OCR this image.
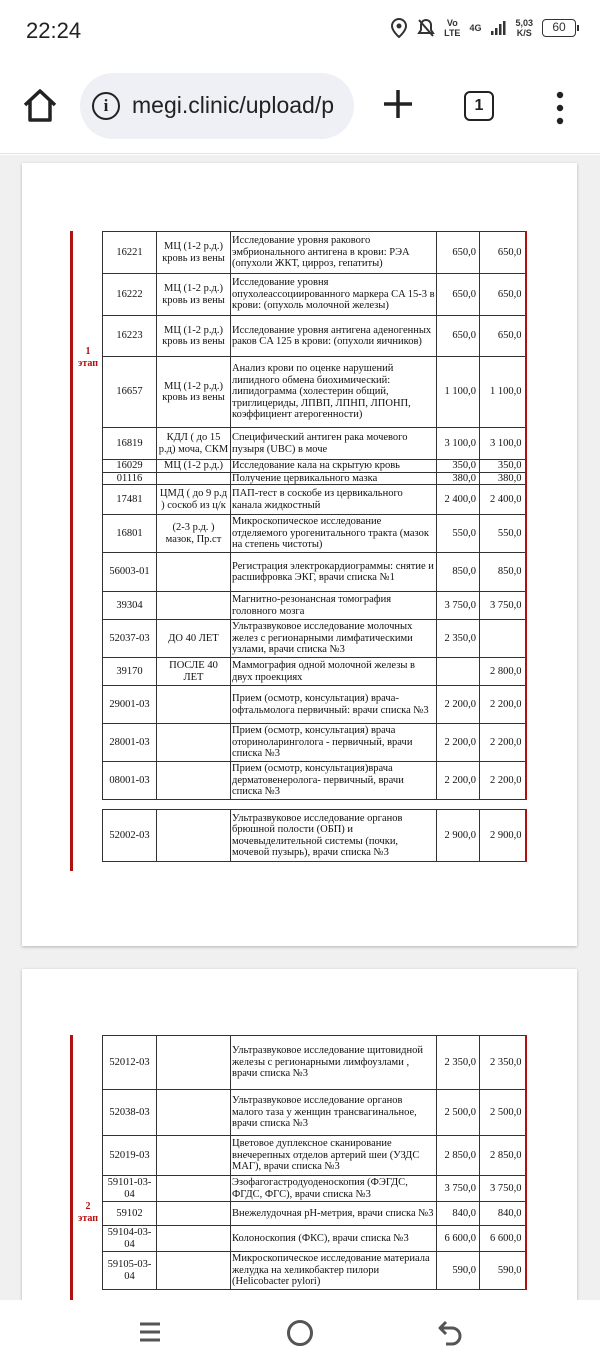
22:24	Vo
LTE 4G	5,03
K/S	60
i	megi.clinic/upload/p	1
1
этап
16221	МЦ (1-2 р.д.) кровь из вены	Исследование уровня ракового эмбрионального антигена в крови: РЭА (опухоли ЖКТ, цирроз, гепатиты)	650,0	650,0
16222	МЦ (1-2 р.д.) кровь из вены	Исследование уровня опухолеассоциированного маркера CA 15-3 в крови: (опухоль молочной железы)	650,0	650,0
16223	МЦ (1-2 р.д.) кровь из вены	Исследование уровня антигена аденогенных раков CA 125 в крови: (опухоли яичников)	650,0	650,0
16657	МЦ (1-2 р.д.) кровь из вены	Анализ крови по оценке нарушений липидного обмена биохимический: липидограмма (холестерин общий, триглицериды, ЛПВП, ЛПНП, ЛПОНП, коэффициент атерогенности)	1 100,0	1 100,0
16819	КДЛ ( до 15 р.д) моча, СКМ	Специфический антиген рака мочевого пузыря (UBC) в моче	3 100,0	3 100,0
16029	МЦ (1-2 р.д.)	Исследование кала на скрытую кровь	350,0	350,0
01116		Получение цервикального мазка	380,0	380,0
17481	ЦМД ( до 9 р.д ) соскоб из ц/к	ПАП-тест в соскобе из цервикального канала жидкостный	2 400,0	2 400,0
16801	(2-3 р.д. ) мазок, Пр.ст	Микроскопическое исследование отделяемого урогенитального тракта (мазок на степень чистоты)	550,0	550,0
56003-01		Регистрация электрокардиограммы: снятие и расшифровка ЭКГ, врачи списка №1	850,0	850,0
39304		Магнитно-резонансная томография головного мозга	3 750,0	3 750,0
52037-03	ДО 40 ЛЕТ	Ультразвуковое исследование молочных желез с регионарными лимфатическими узлами, врачи списка №3	2 350,0	
39170	ПОСЛЕ 40 ЛЕТ	Маммография одной молочной железы в двух проекциях		2 800,0
29001-03		Прием (осмотр, консультация) врача-офтальмолога первичный: врачи списка №3	2 200,0	2 200,0
28001-03		Прием (осмотр, консультация) врача оториноларинголога - первичный, врачи списка №3	2 200,0	2 200,0
08001-03		Прием (осмотр, консультация)врача дерматовенеролога- первичный, врачи списка №3	2 200,0	2 200,0

52002-03		Ультразвуковое исследование органов брюшной полости (ОБП) и мочевыделительной системы (почки, мочевой пузырь), врачи списка №3	2 900,0	2 900,0
2
этап
52012-03		Ультразвуковое исследование щитовидной железы с регионарными лимфоузлами , врачи списка №3	2 350,0	2 350,0
52038-03		Ультразвуковое исследование органов малого таза у женщин трансвагинальное, врачи списка №3	2 500,0	2 500,0
52019-03		Цветовое дуплексное сканирование внечерепных отделов артерий шеи (УЗДС МАГ), врачи списка №3	2 850,0	2 850,0
59101-03-04		Эзофагогастродуоденоскопия (ФЭГДС, ФГДС, ФГС), врачи списка №3	3 750,0	3 750,0
59102		Внежелудочная pH-метрия, врачи списка №3	840,0	840,0
59104-03-04		Колоноскопия (ФКС), врачи списка №3	6 600,0	6 600,0
59105-03-04		Микроскопическое исследование материала желудка на хеликобактер пилори (Helicobacter pylori)	590,0	590,0
